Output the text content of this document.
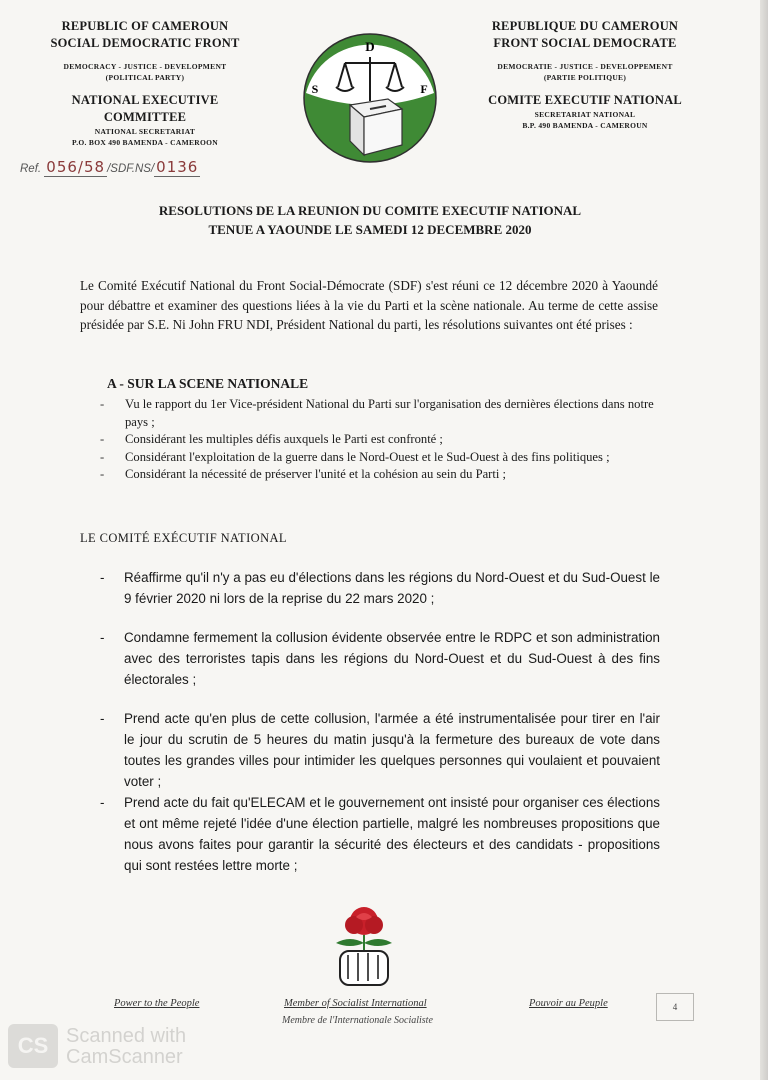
REPUBLIC OF CAMEROUN
SOCIAL DEMOCRATIC FRONT
DEMOCRACY - JUSTICE - DEVELOPMENT
(POLITICAL PARTY)
NATIONAL EXECUTIVE COMMITTEE
NATIONAL SECRETARIAT
P.O. BOX 490 BAMENDA - CAMEROON
REPUBLIQUE DU CAMEROUN
FRONT SOCIAL DEMOCRATE
DEMOCRATIE - JUSTICE - DEVELOPPEMENT
(PARTIE POLITIQUE)
COMITE EXECUTIF NATIONAL
SECRETARIAT NATIONAL
B.P. 490 BAMENDA - CAMEROUN
D
S	F
Ref. 056/58 /SDF.NS/ 0136
RESOLUTIONS DE LA REUNION DU COMITE EXECUTIF NATIONAL
TENUE A YAOUNDE LE SAMEDI 12 DECEMBRE 2020
Le Comité Exécutif National du Front Social-Démocrate (SDF) s'est réuni ce 12 décembre 2020 à Yaoundé pour débattre et examiner des questions liées à la vie du Parti et la scène nationale. Au terme de cette assise présidée par S.E. Ni John FRU NDI, Président National du parti, les résolutions suivantes ont été prises :
A - SUR LA SCENE NATIONALE
- Vu le rapport du 1er Vice-président National du Parti sur l'organisation des dernières élections dans notre pays ;
- Considérant les multiples défis auxquels le Parti est confronté ;
- Considérant l'exploitation de la guerre dans le Nord-Ouest et le Sud-Ouest à des fins politiques ;
- Considérant la nécessité de préserver l'unité et la cohésion au sein du Parti ;
LE COMITÉ EXÉCUTIF NATIONAL
- Réaffirme qu'il n'y a pas eu d'élections dans les régions du Nord-Ouest et du Sud-Ouest le 9 février 2020 ni lors de la reprise du 22 mars 2020 ;
- Condamne fermement la collusion évidente observée entre le RDPC et son administration avec des terroristes tapis dans les régions du Nord-Ouest et du Sud-Ouest à des fins électorales ;
- Prend acte qu'en plus de cette collusion, l'armée a été instrumentalisée pour tirer en l'air le jour du scrutin de 5 heures du matin jusqu'à la fermeture des bureaux de vote dans toutes les grandes villes pour intimider les quelques personnes qui voulaient et pouvaient voter ;
- Prend acte du fait qu'ELECAM et le gouvernement ont insisté pour organiser ces élections et ont même rejeté l'idée d'une élection partielle, malgré les nombreuses propositions que nous avons faites pour garantir la sécurité des électeurs et des candidats - propositions qui sont restées lettre morte ;
Power to the People	Member of Socialist International	Pouvoir au Peuple	4
Membre de l'Internationale Socialiste
CS Scanned with
CamScanner
